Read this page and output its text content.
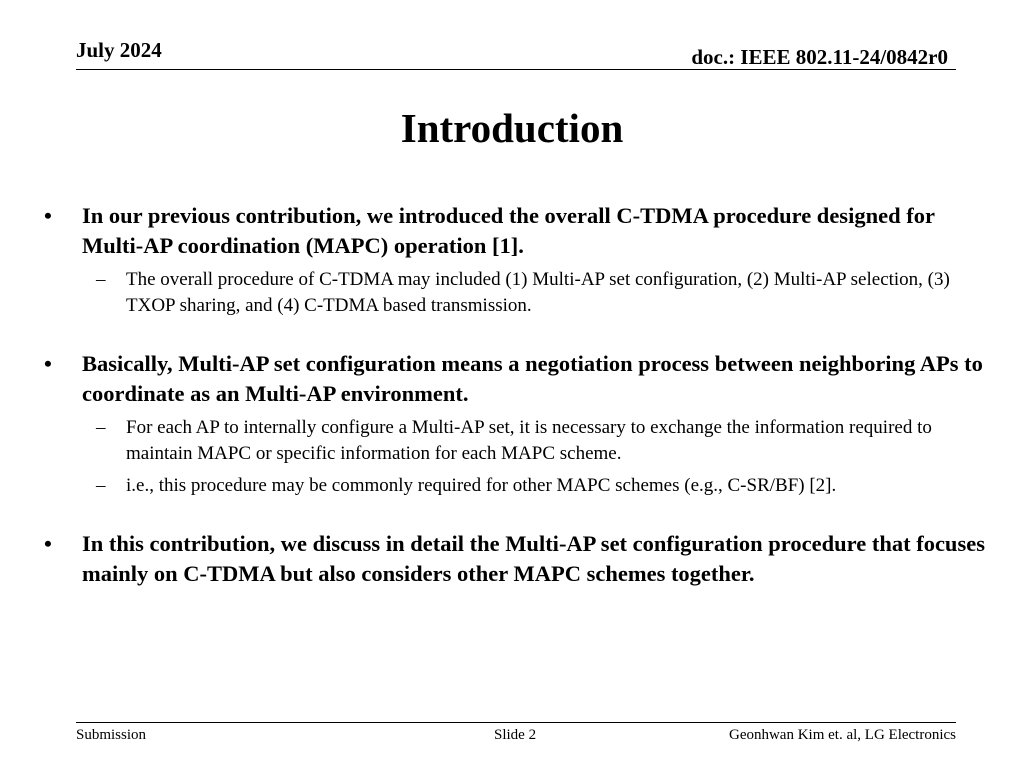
July 2024	doc.: IEEE 802.11-24/0842r0
Introduction
• In our previous contribution, we introduced the overall C-TDMA procedure designed for Multi-AP coordination (MAPC) operation [1].
– The overall procedure of C-TDMA may included (1) Multi-AP set configuration, (2) Multi-AP selection, (3) TXOP sharing, and (4) C-TDMA based transmission.
• Basically, Multi-AP set configuration means a negotiation process between neighboring APs to coordinate as an Multi-AP environment.
– For each AP to internally configure a Multi-AP set, it is necessary to exchange the information required to maintain MAPC or specific information for each MAPC scheme.
– i.e., this procedure may be commonly required for other MAPC schemes (e.g., C-SR/BF) [2].
• In this contribution, we discuss in detail the Multi-AP set configuration procedure that focuses mainly on C-TDMA but also considers other MAPC schemes together.
Submission	Slide 2	Geonhwan Kim et. al, LG Electronics
